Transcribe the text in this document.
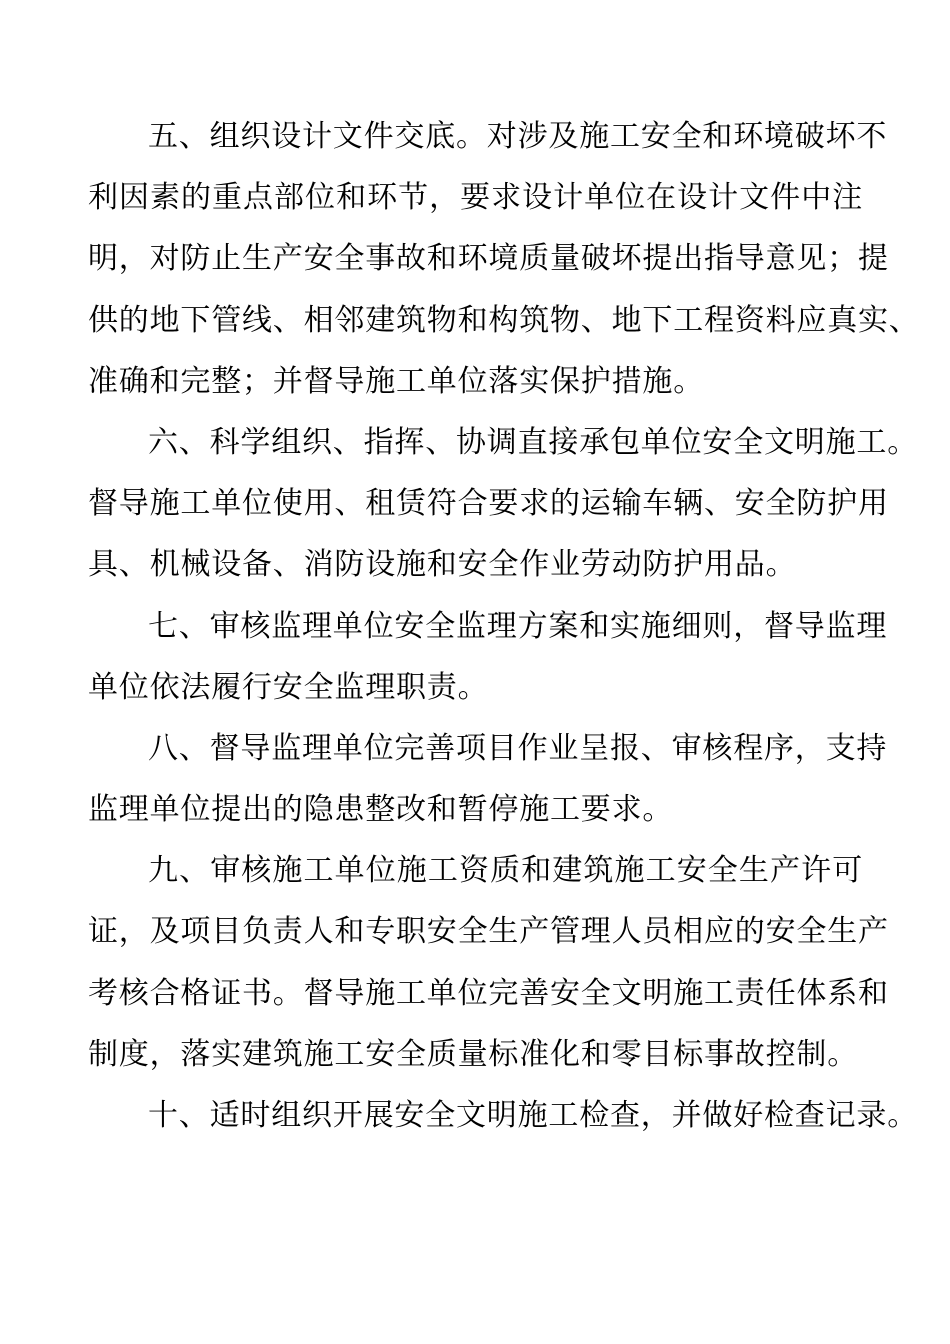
五、组织设计文件交底。对涉及施工安全和环境破坏不
利因素的重点部位和环节，要求设计单位在设计文件中注
明，对防止生产安全事故和环境质量破坏提出指导意见；提
供的地下管线、相邻建筑物和构筑物、地下工程资料应真实、
准确和完整；并督导施工单位落实保护措施。
六、科学组织、指挥、协调直接承包单位安全文明施工。
督导施工单位使用、租赁符合要求的运输车辆、安全防护用
具、机械设备、消防设施和安全作业劳动防护用品。
七、审核监理单位安全监理方案和实施细则，督导监理
单位依法履行安全监理职责。
八、督导监理单位完善项目作业呈报、审核程序，支持
监理单位提出的隐患整改和暂停施工要求。
九、审核施工单位施工资质和建筑施工安全生产许可
证，及项目负责人和专职安全生产管理人员相应的安全生产
考核合格证书。督导施工单位完善安全文明施工责任体系和
制度，落实建筑施工安全质量标准化和零目标事故控制。
十、适时组织开展安全文明施工检查，并做好检查记录。
